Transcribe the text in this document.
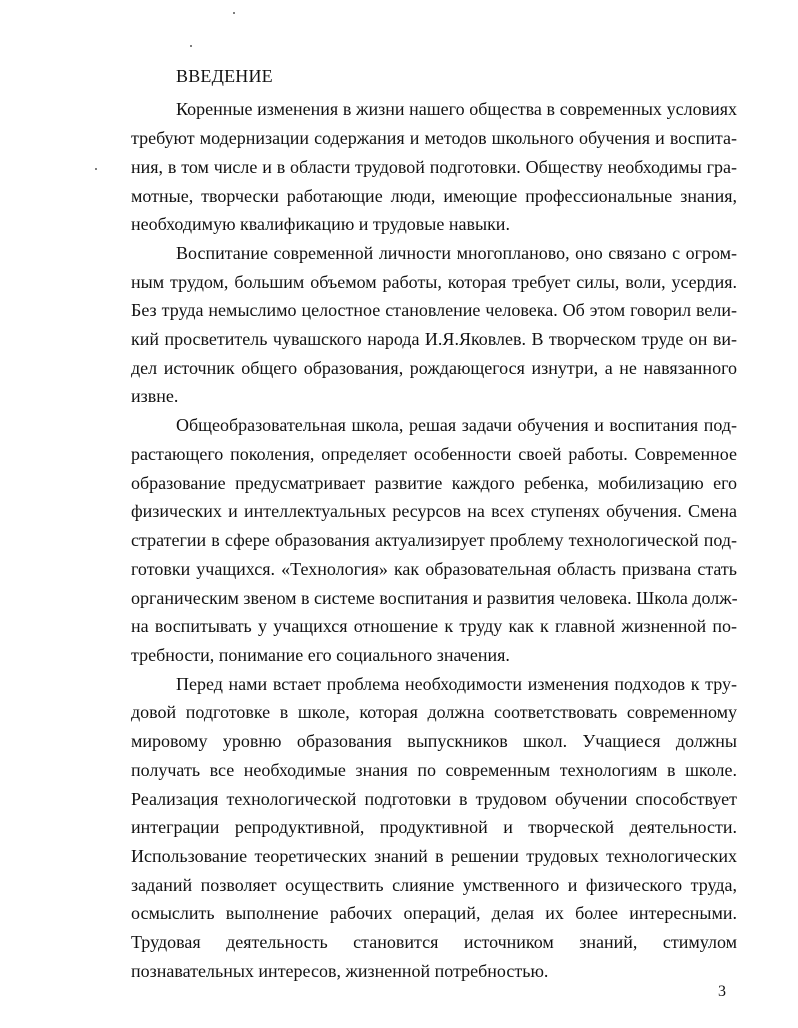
ВВЕДЕНИЕ
Коренные изменения в жизни нашего общества в современных условиях
требуют модернизации содержания и методов школьного обучения и воспита-
ния, в том числе и в области трудовой подготовки. Обществу необходимы гра-
мотные, творчески работающие люди, имеющие профессиональные знания,
необходимую квалификацию и трудовые навыки.
Воспитание современной личности многопланово, оно связано с огром-
ным трудом, большим объемом работы, которая требует силы, воли, усердия.
Без труда немыслимо целостное становление человека. Об этом говорил вели-
кий просветитель чувашского народа И.Я.Яковлев. В творческом труде он ви-
дел источник общего образования, рождающегося изнутри, а не навязанного
извне.
Общеобразовательная школа, решая задачи обучения и воспитания под-
растающего поколения, определяет особенности своей работы. Современное
образование предусматривает развитие каждого ребенка, мобилизацию его
физических и интеллектуальных ресурсов на всех ступенях обучения. Смена
стратегии в сфере образования актуализирует проблему технологической под-
готовки учащихся. «Технология» как образовательная область призвана стать
органическим звеном в системе воспитания и развития человека. Школа долж-
на воспитывать у учащихся отношение к труду как к главной жизненной по-
требности, понимание его социального значения.
Перед нами встает проблема необходимости изменения подходов к тру-
довой подготовке в школе, которая должна соответствовать современному
мировому уровню образования выпускников школ. Учащиеся должны
получать все необходимые знания по современным технологиям в школе.
Реализация технологической подготовки в трудовом обучении способствует
интеграции репродуктивной, продуктивной и творческой деятельности.
Использование теоретических знаний в решении трудовых технологических
заданий позволяет осуществить слияние умственного и физического труда,
осмыслить выполнение рабочих операций, делая их более интересными.
Трудовая деятельность становится источником знаний, стимулом
познавательных интересов, жизненной потребностью.
3
